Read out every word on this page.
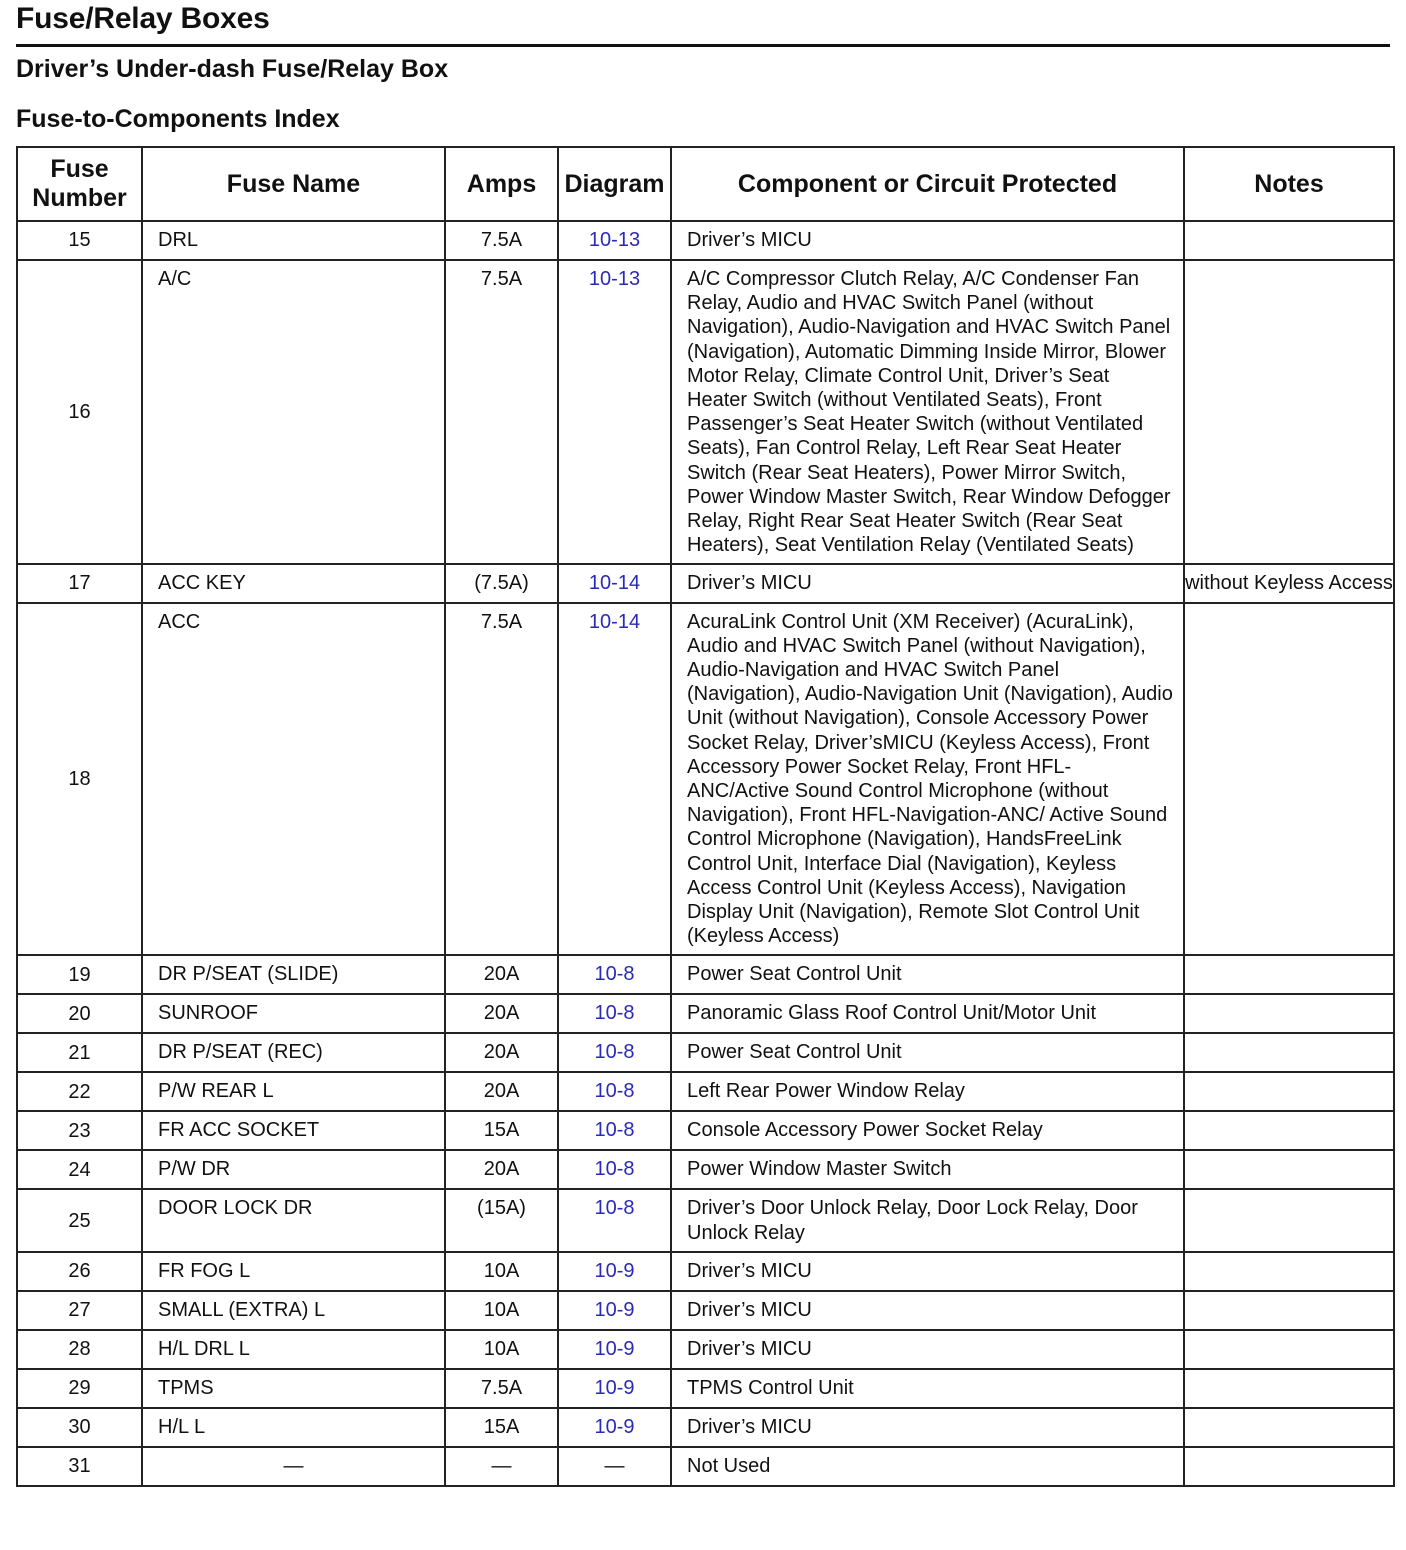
Fuse/Relay Boxes
Driver’s Under-dash Fuse/Relay Box
Fuse-to-Components Index
Fuse
Number	Fuse Name	Amps	Diagram	Component or Circuit Protected	Notes
15	DRL	7.5A	10-13	Driver’s MICU	
16	A/C	7.5A	10-13	A/C Compressor Clutch Relay, A/C Condenser Fan Relay, Audio and HVAC Switch Panel (without Navigation), Audio-Navigation and HVAC Switch Panel (Navigation), Automatic Dimming Inside Mirror, Blower Motor Relay, Climate Control Unit, Driver’s Seat Heater Switch (without Ventilated Seats), Front Passenger’s Seat Heater Switch (without Ventilated Seats), Fan Control Relay, Left Rear Seat Heater Switch (Rear Seat Heaters), Power Mirror Switch, Power Window Master Switch, Rear Window Defogger Relay, Right Rear Seat Heater Switch (Rear Seat Heaters), Seat Ventilation Relay (Ventilated Seats)	
17	ACC KEY	(7.5A)	10-14	Driver’s MICU	without Keyless Access
18	ACC	7.5A	10-14	AcuraLink Control Unit (XM Receiver) (AcuraLink), Audio and HVAC Switch Panel (without Navigation), Audio-Navigation and HVAC Switch Panel (Navigation), Audio-Navigation Unit (Navigation), Audio Unit (without Navigation), Console Accessory Power Socket Relay, Driver’sMICU (Keyless Access), Front Accessory Power Socket Relay, Front HFL-ANC/Active Sound Control Microphone (without Navigation), Front HFL-Navigation-ANC/ Active Sound Control Microphone (Navigation), HandsFreeLink Control Unit, Interface Dial (Navigation), Keyless Access Control Unit (Keyless Access), Navigation Display Unit (Navigation), Remote Slot Control Unit (Keyless Access)	
19	DR P/SEAT (SLIDE)	20A	10-8	Power Seat Control Unit	
20	SUNROOF	20A	10-8	Panoramic Glass Roof Control Unit/Motor Unit	
21	DR P/SEAT (REC)	20A	10-8	Power Seat Control Unit	
22	P/W REAR L	20A	10-8	Left Rear Power Window Relay	
23	FR ACC SOCKET	15A	10-8	Console Accessory Power Socket Relay	
24	P/W DR	20A	10-8	Power Window Master Switch	
25	DOOR LOCK DR	(15A)	10-8	Driver’s Door Unlock Relay, Door Lock Relay, Door Unlock Relay	
26	FR FOG L	10A	10-9	Driver’s MICU	
27	SMALL (EXTRA) L	10A	10-9	Driver’s MICU	
28	H/L DRL L	10A	10-9	Driver’s MICU	
29	TPMS	7.5A	10-9	TPMS Control Unit	
30	H/L L	15A	10-9	Driver’s MICU	
31	—	—	—	Not Used	
